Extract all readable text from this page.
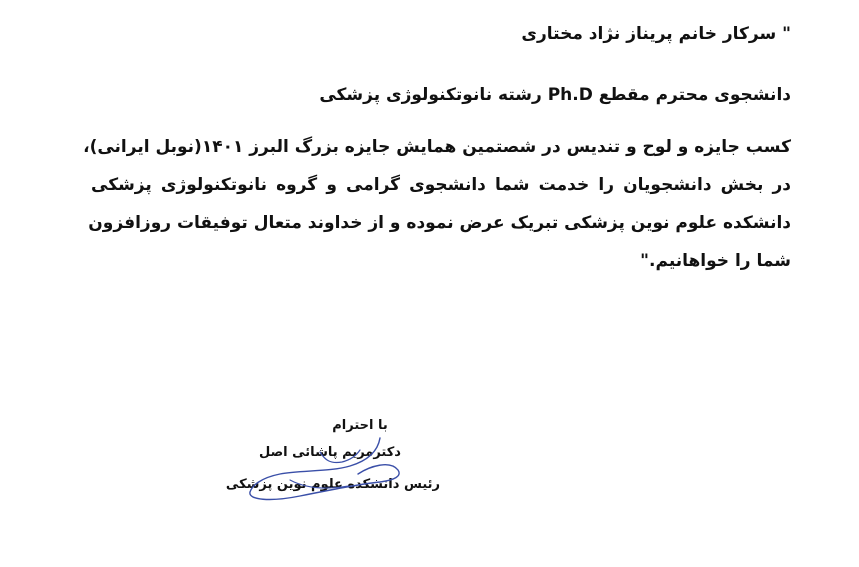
" سرکار خانم پریناز نژاد مختاری
دانشجوی محترم مقطع Ph.D رشته نانوتکنولوژی پزشکی
کسب جایزه و لوح و تندیس در شصتمین همایش جایزه بزرگ البرز ۱۴۰۱(نوبل ایرانی)،
در بخش دانشجویان را خدمت شما دانشجوی گرامی و گروه نانوتکنولوژی پزشکی
دانشکده علوم نوین پزشکی تبریک عرض نموده و از خداوند متعال توفیقات روزافزون
شما را خواهانیم."
با احترام
دکترمریم پاشائی اصل
رئیس دانشکده علوم نوین پزشکی
